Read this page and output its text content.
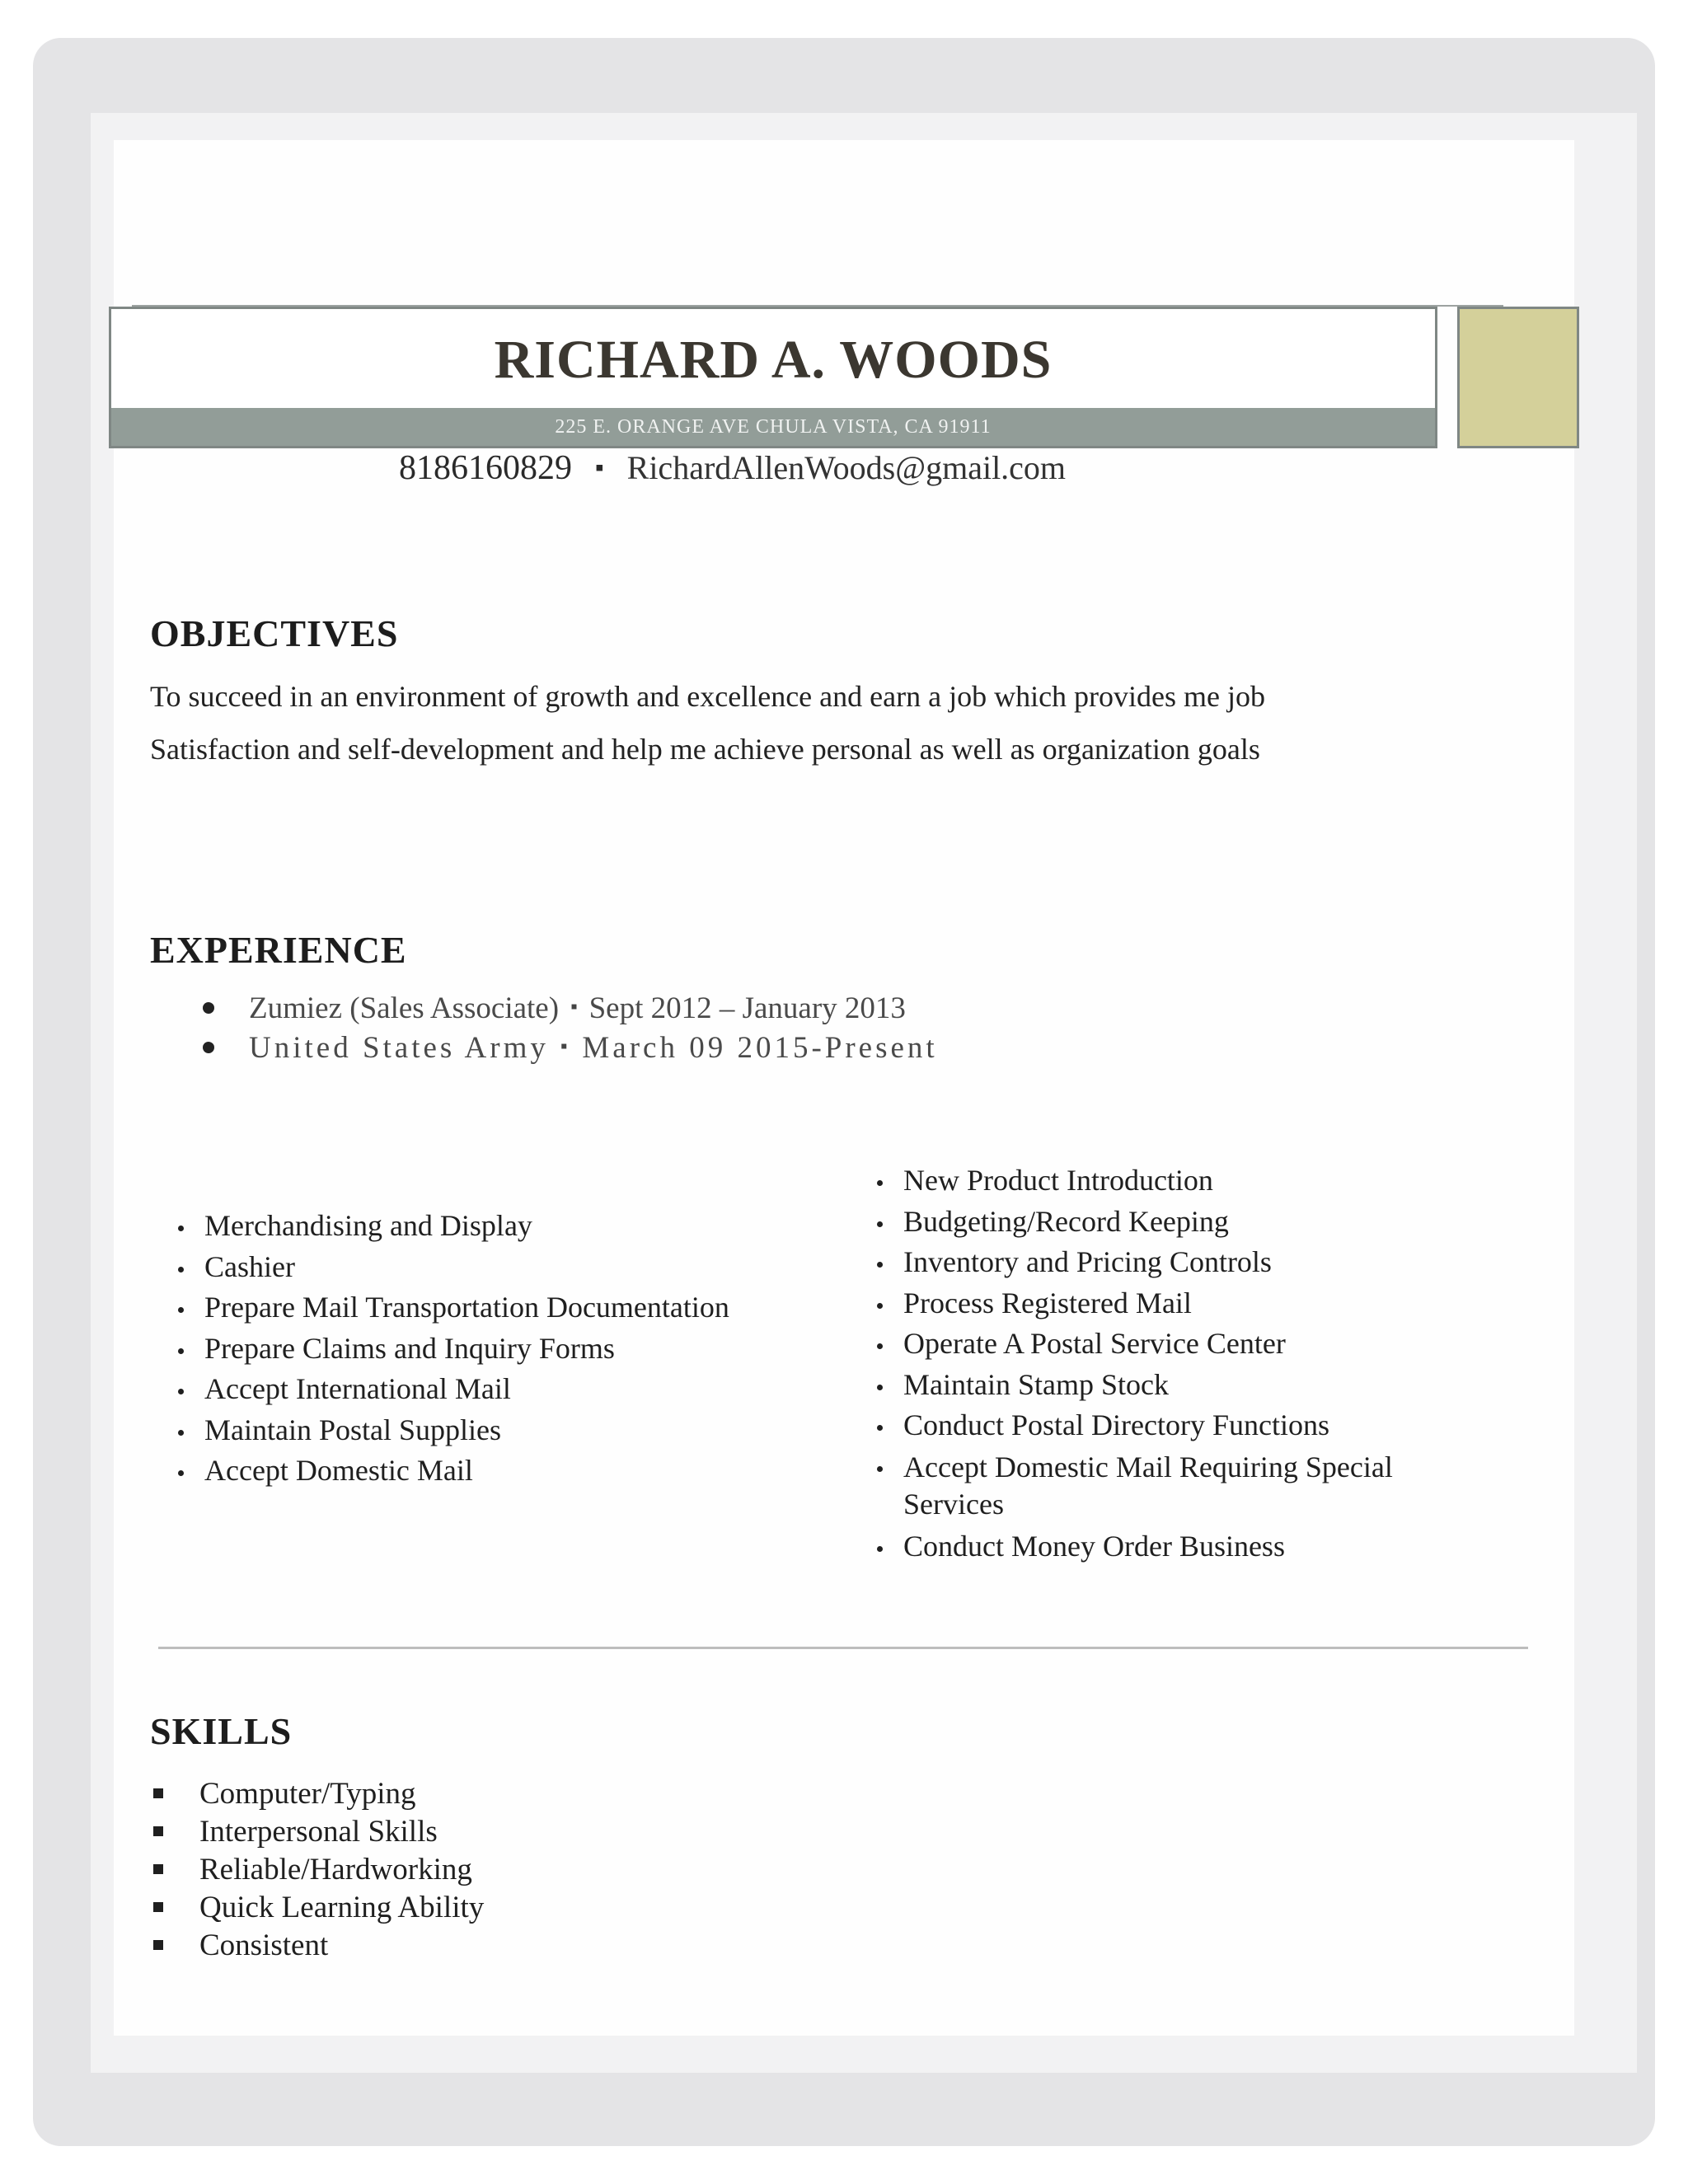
RICHARD A. WOODS
225 E. ORANGE AVE CHULA VISTA, CA 91911
8186160829 ▪ RichardAllenWoods@gmail.com
OBJECTIVES
To succeed in an environment of growth and excellence and earn a job which provides me job
Satisfaction and self-development and help me achieve personal as well as organization goals
EXPERIENCE
Zumiez (Sales Associate) ▪ Sept 2012 – January 2013
United States Army ▪ March 09 2015-Present
Merchandising and Display
Cashier
Prepare Mail Transportation Documentation
Prepare Claims and Inquiry Forms
Accept International Mail
Maintain Postal Supplies
Accept Domestic Mail
New Product Introduction
Budgeting/Record Keeping
Inventory and Pricing Controls
Process Registered Mail
Operate A Postal Service Center
Maintain Stamp Stock
Conduct Postal Directory Functions
Accept Domestic Mail Requiring Special Services
Conduct Money Order Business
SKILLS
Computer/Typing
Interpersonal Skills
Reliable/Hardworking
Quick Learning Ability
Consistent
